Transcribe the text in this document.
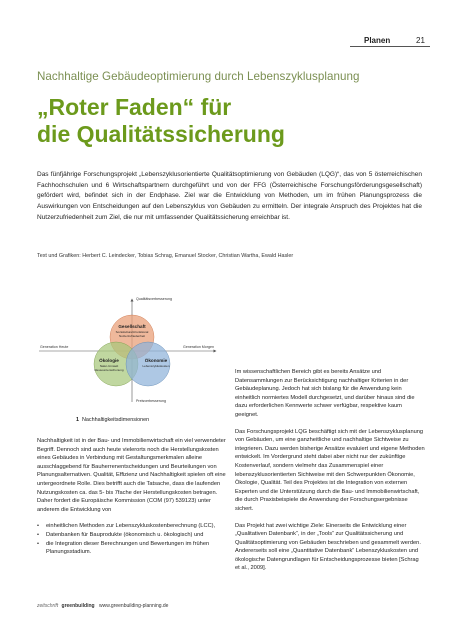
Planen	21
Nachhaltige Gebäudeoptimierung durch Lebenszyklusplanung
„Roter Faden“ für
die Qualitätssicherung

Das fünfjährige Forschungsprojekt „Lebenszyklusorientierte Qualitätsoptimierung von Gebäuden (LQG)“, das von 5 österreichischen Fachhochschulen und 6 Wirtschaftspartnern durchgeführt und von der FFG (Österreichische Forschungsförderungsgesellschaft) gefördert wird, befindet sich in der Endphase. Ziel war die Entwicklung von Methoden, um im frühen Planungsprozess die Auswirkungen von Entscheidungen auf den Lebenszyklus von Gebäuden zu ermitteln. Der integrale Anspruch des Projektes hat die Nutzerzufriedenheit zum Ziel, die nur mit umfassender Qualitätssicherung erreichbar ist.

Text und Grafiken: Herbert C. Leindecker, Tobias Schrag, Emanuel Stocker, Christian Wartha, Ewald Hasler
Qualitätsverbesserung
Preisverbesserung
Generation Heute	Generation Morgen
Gesellschaft
Soziokulturell-Funktional
Nutzerzufriedenheit
Ökologie
Natur-Umwelt
Ressourcenschonung
Ökonomie
Lebenszykluskosten
1 Nachhaltigkeitsdimensionen

Nachhaltigkeit ist in der Bau- und Immobilienwirtschaft ein viel verwendeter Begriff. Dennoch sind auch heute vielerorts noch die Herstellungskosten eines Gebäudes in Verbindung mit Gestaltungsmerkmalen alleine ausschlaggebend für Bauherrenentscheidungen und Beurteilungen von Planungsalternativen. Qualität, Effizienz und Nachhaltigkeit spielen oft eine untergeordnete Rolle. Dies betrifft auch die Tatsache, dass die laufenden Nutzungskosten ca. das 5- bis 7fache der Herstellungskosten betragen. Daher fordert die Europäische Kommission (COM (97) 539123) unter anderem die Entwicklung von

• einheitlichen Methoden zur Lebenszykluskostenberechnung (LCC),
• Datenbanken für Bauprodukte (ökonomisch u. ökologisch) und
• die Integration dieser Berechnungen und Bewertungen im frühen Planungsstadium.

Im wissenschaftlichen Bereich gibt es bereits Ansätze und Datensammlungen zur Berücksichtigung nachhaltiger Kriterien in der Gebäudeplanung. Jedoch hat sich bislang für die Anwendung kein einheitlich normiertes Modell durchgesetzt, und darüber hinaus sind die dazu erforderlichen Kennwerte schwer verfügbar, respektive kaum geeignet.

Das Forschungsprojekt LQG beschäftigt sich mit der Lebenszyklusplanung von Gebäuden, um eine ganzheitliche und nachhaltige Sichtweise zu integrieren. Dazu werden bisherige Ansätze evaluiert und eigene Methoden entwickelt. Im Vordergrund steht dabei aber nicht nur der zukünftige Kostenverlauf, sondern vielmehr das Zusammenspiel einer lebenszyklusorientierten Sichtweise mit den Schwerpunkten Ökonomie, Ökologie, Qualität. Teil des Projektes ist die Integration von externen Experten und die Unterstützung durch die Bau- und Immobilienwirtschaft, die durch Praxisbeispiele die Anwendung der Forschungsergebnisse sichert.

Das Projekt hat zwei wichtige Ziele: Einerseits die Entwicklung einer „Qualitativen Datenbank“, in der „Tools“ zur Qualitätssicherung und Qualitätsoptimierung von Gebäuden beschrieben und gesammelt werden. Andererseits soll eine „Quantitative Datenbank“ Lebenszykluskosten und ökologische Datengrundlagen für Entscheidungsprozesse bieten [Schrag et al., 2009].

zeitschrift greenbuilding www.greenbuilding-planning.de
